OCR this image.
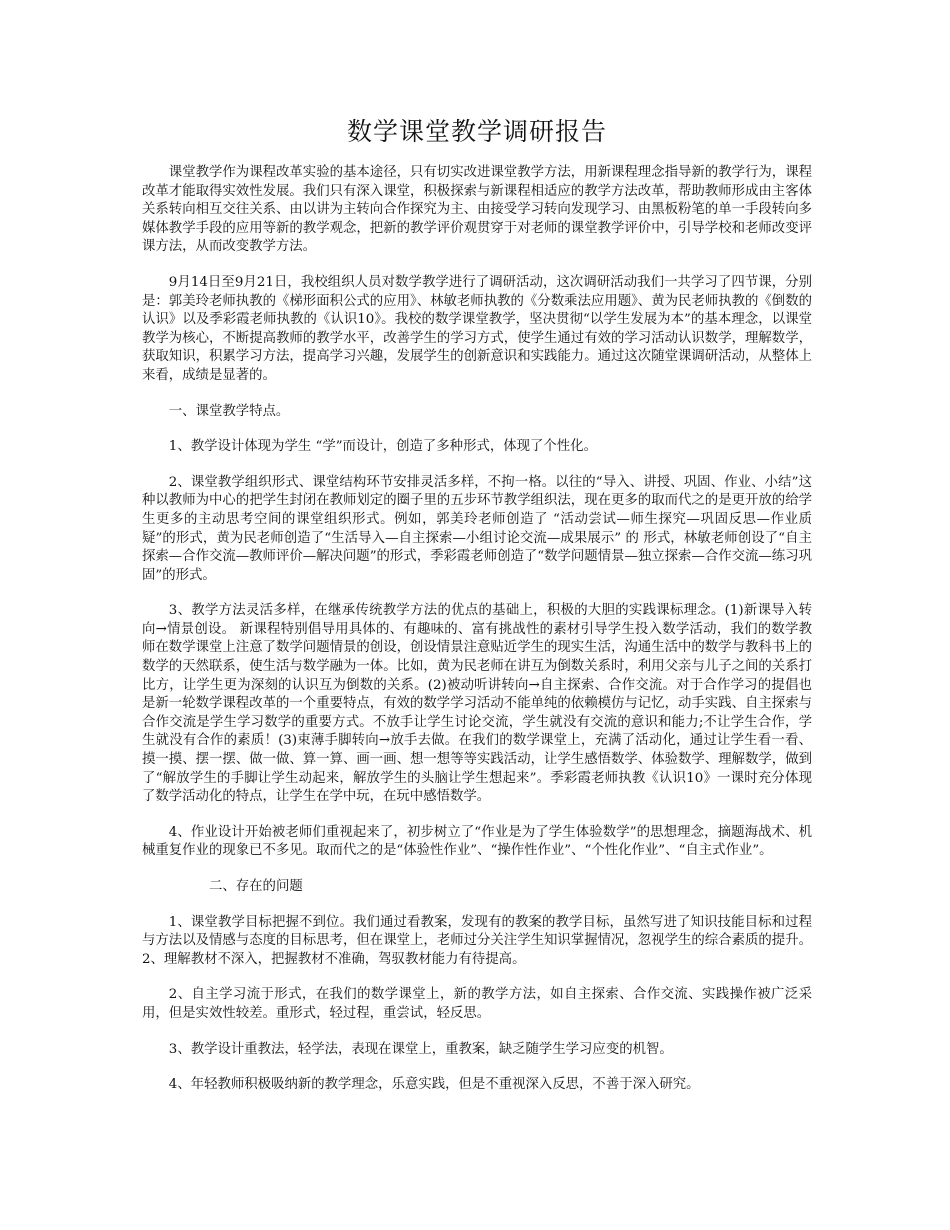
数学课堂教学调研报告

课堂教学作为课程改革实验的基本途径，只有切实改进课堂教学方法，用新课程理念指导新的教学行为，课程改革才能取得实效性发展。我们只有深入课堂，积极探索与新课程相适应的教学方法改革，帮助教师形成由主客体关系转向相互交往关系、由以讲为主转向合作探究为主、由接受学习转向发现学习、由黑板粉笔的单一手段转向多媒体教学手段的应用等新的教学观念，把新的教学评价观贯穿于对老师的课堂教学评价中，引导学校和老师改变评课方法，从而改变教学方法。

9月14日至9月21日，我校组织人员对数学教学进行了调研活动，这次调研活动我们一共学习了四节课，分别是：郭美玲老师执教的《梯形面积公式的应用》、林敏老师执教的《分数乘法应用题》、黄为民老师执教的《倒数的认识》以及季彩霞老师执教的《认识10》。我校的数学课堂教学，坚决贯彻“以学生发展为本”的基本理念，以课堂教学为核心，不断提高教师的教学水平，改善学生的学习方式，使学生通过有效的学习活动认识数学，理解数学，获取知识，积累学习方法，提高学习兴趣，发展学生的创新意识和实践能力。通过这次随堂课调研活动，从整体上来看，成绩是显著的。

一、课堂教学特点。

1、教学设计体现为学生 “学”而设计，创造了多种形式，体现了个性化。

2、课堂教学组织形式、课堂结构环节安排灵活多样，不拘一格。以往的“导入、讲授、巩固、作业、小结”这种以教师为中心的把学生封闭在教师划定的圈子里的五步环节教学组织法，现在更多的取而代之的是更开放的给学生更多的主动思考空间的课堂组织形式。例如，郭美玲老师创造了 “活动尝试—师生探究—巩固反思—作业质疑”的形式，黄为民老师创造了“生活导入—自主探索—小组讨论交流—成果展示” 的 形式，林敏老师创设了“自主探索—合作交流—教师评价—解决问题”的形式，季彩霞老师创造了“数学问题情景—独立探索—合作交流—练习巩固”的形式。

3、教学方法灵活多样，在继承传统教学方法的优点的基础上，积极的大胆的实践课标理念。(1)新课导入转向→情景创设。 新课程特别倡导用具体的、有趣味的、富有挑战性的素材引导学生投入数学活动，我们的数学教师在数学课堂上注意了数学问题情景的创设，创设情景注意贴近学生的现实生活，沟通生活中的数学与教科书上的数学的天然联系，使生活与数学融为一体。比如，黄为民老师在讲互为倒数关系时，利用父亲与儿子之间的关系打比方，让学生更为深刻的认识互为倒数的关系。(2)被动听讲转向→自主探索、合作交流。对于合作学习的提倡也是新一轮数学课程改革的一个重要特点，有效的数学学习活动不能单纯的依赖模仿与记忆，动手实践、自主探索与合作交流是学生学习数学的重要方式。不放手让学生讨论交流，学生就没有交流的意识和能力;不让学生合作，学生就没有合作的素质！(3)束薄手脚转向→放手去做。在我们的数学课堂上，充满了活动化，通过让学生看一看、摸一摸、摆一摆、做一做、算一算、画一画、想一想等等实践活动，让学生感悟数学、体验数学、理解数学，做到了“解放学生的手脚让学生动起来，解放学生的头脑让学生想起来”。季彩霞老师执教《认识10》一课时充分体现了数学活动化的特点，让学生在学中玩，在玩中感悟数学。

4、作业设计开始被老师们重视起来了，初步树立了“作业是为了学生体验数学”的思想理念，摘题海战术、机械重复作业的现象已不多见。取而代之的是“体验性作业”、“操作性作业”、“个性化作业”、“自主式作业”。

二、存在的问题

1、课堂教学目标把握不到位。我们通过看教案，发现有的教案的教学目标，虽然写进了知识技能目标和过程与方法以及情感与态度的目标思考，但在课堂上，老师过分关注学生知识掌握情况，忽视学生的综合素质的提升。2、理解教材不深入，把握教材不准确，驾驭教材能力有待提高。

2、自主学习流于形式，在我们的数学课堂上，新的教学方法，如自主探索、合作交流、实践操作被广泛采用，但是实效性较差。重形式，轻过程，重尝试，轻反思。

3、教学设计重教法，轻学法，表现在课堂上，重教案，缺乏随学生学习应变的机智。

4、年轻教师积极吸纳新的教学理念，乐意实践，但是不重视深入反思，不善于深入研究。
